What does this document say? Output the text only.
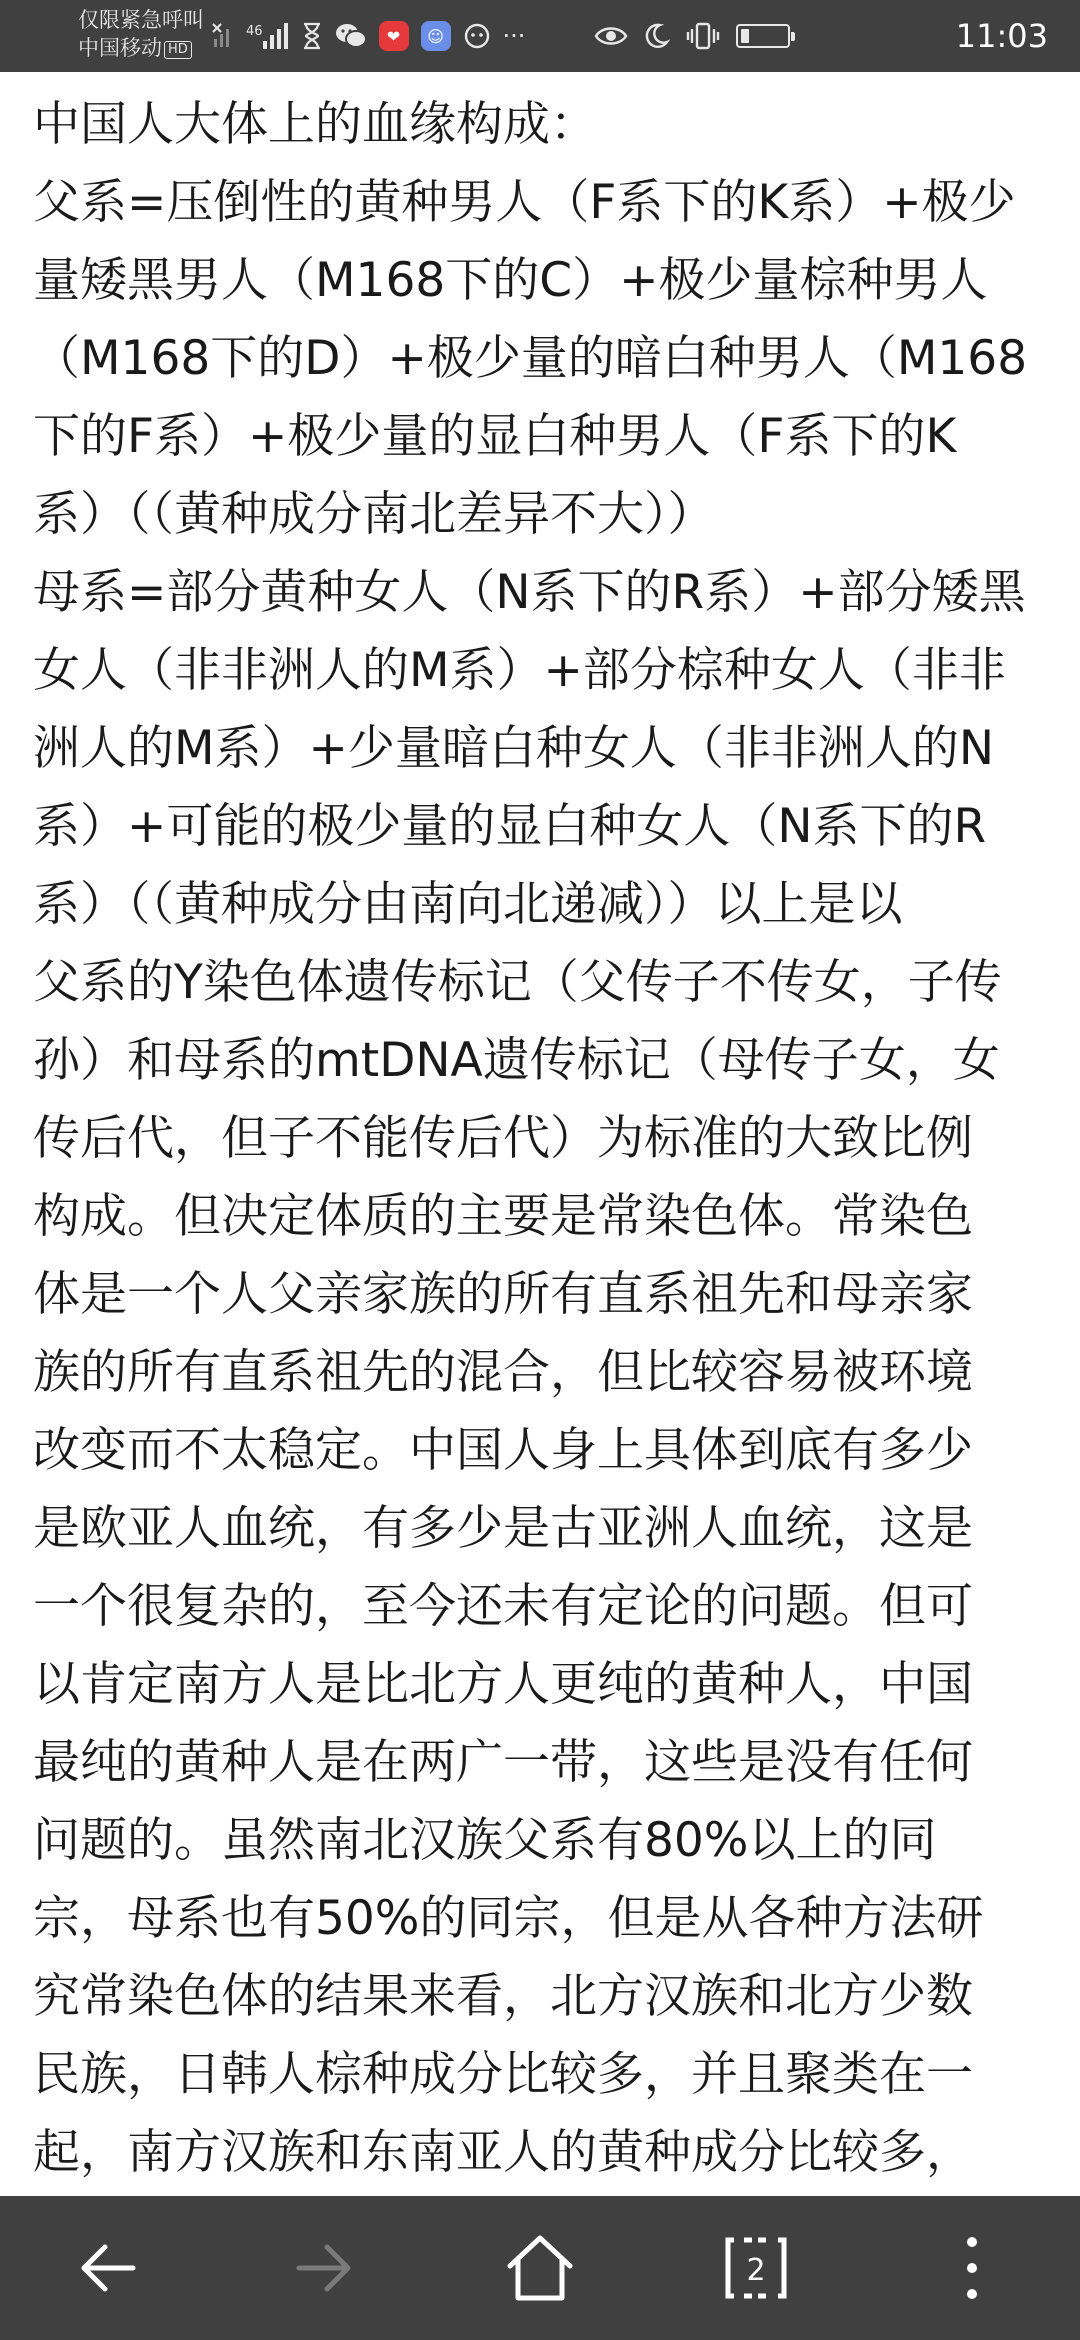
仅限紧急呼叫
中国移动 HD
46	❤	☺ ···	11:03
中国人大体上的血缘构成：
父系=压倒性的黄种男人（F系下的K系）+极少
量矮黑男人（M168下的C）+极少量棕种男人
（M168下的D）+极少量的暗白种男人（M168
下的F系）+极少量的显白种男人（F系下的K
系）（（黄种成分南北差异不大））
母系=部分黄种女人（N系下的R系）+部分矮黑
女人（非非洲人的M系）+部分棕种女人（非非
洲人的M系）+少量暗白种女人（非非洲人的N
系）+可能的极少量的显白种女人（N系下的R
系）（（黄种成分由南向北递减））以上是以
父系的Y染色体遗传标记（父传子不传女，子传
孙）和母系的mtDNA遗传标记（母传子女，女
传后代，但子不能传后代）为标准的大致比例
构成。但决定体质的主要是常染色体。常染色
体是一个人父亲家族的所有直系祖先和母亲家
族的所有直系祖先的混合，但比较容易被环境
改变而不太稳定。中国人身上具体到底有多少
是欧亚人血统，有多少是古亚洲人血统，这是
一个很复杂的，至今还未有定论的问题。但可
以肯定南方人是比北方人更纯的黄种人，中国
最纯的黄种人是在两广一带，这些是没有任何
问题的。虽然南北汉族父系有80%以上的同
宗，母系也有50%的同宗，但是从各种方法研
究常染色体的结果来看，北方汉族和北方少数
民族，日韩人棕种成分比较多，并且聚类在一
起，南方汉族和东南亚人的黄种成分比较多，
2
